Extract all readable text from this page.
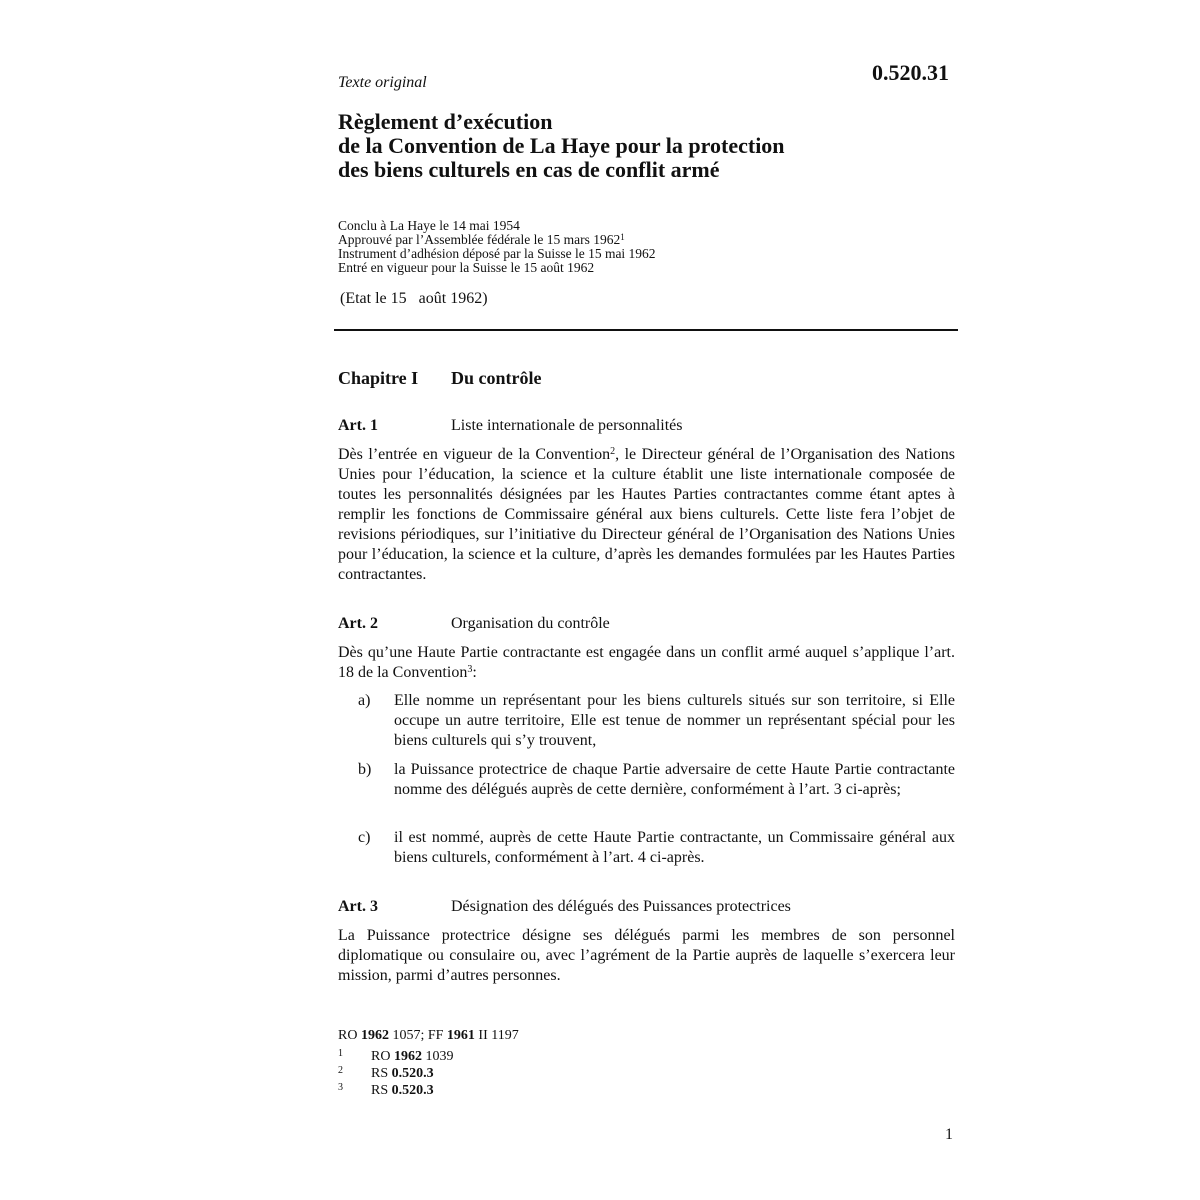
Texte original	0.520.31
Règlement d’exécution
de la Convention de La Haye pour la protection
des biens culturels en cas de conflit armé
Conclu à La Haye le 14 mai 1954
Approuvé par l’Assemblée fédérale le 15 mars 1962$^1$
Instrument d’adhésion déposé par la Suisse le 15 mai 1962
Entré en vigueur pour la Suisse le 15 août 1962
(Etat le 15   août 1962)
Chapitre I Du contrôle
Art. 1	Liste internationale de personnalités
Dès l’entrée en vigueur de la Convention$^2$, le Directeur général de l’Organisation des Nations Unies pour l’éducation, la science et la culture établit une liste internationale composée de toutes les personnalités désignées par les Hautes Parties contractantes comme étant aptes à remplir les fonctions de Commissaire général aux biens culturels. Cette liste fera l’objet de revisions périodiques, sur l’initiative du Directeur général de l’Organisation des Nations Unies pour l’éducation, la science et la culture, d’après les demandes formulées par les Hautes Parties contractantes.
Art. 2	Organisation du contrôle
Dès qu’une Haute Partie contractante est engagée dans un conflit armé auquel s’applique l’art. 18 de la Convention$^3$:
a) Elle nomme un représentant pour les biens culturels situés sur son territoire, si Elle occupe un autre territoire, Elle est tenue de nommer un représentant spécial pour les biens culturels qui s’y trouvent,
b) la Puissance protectrice de chaque Partie adversaire de cette Haute Partie contractante nomme des délégués auprès de cette dernière, conformément à l’art. 3 ci-après;
c) il est nommé, auprès de cette Haute Partie contractante, un Commissaire général aux biens culturels, conformément à l’art. 4 ci-après.
Art. 3	Désignation des délégués des Puissances protectrices
La Puissance protectrice désigne ses délégués parmi les membres de son personnel diplomatique ou consulaire ou, avec l’agrément de la Partie auprès de laquelle s’exercera leur mission, parmi d’autres personnes.
RO 1962 1057; FF 1961 II 1197
1 RO 1962 1039
2 RS 0.520.3
3 RS 0.520.3
1
